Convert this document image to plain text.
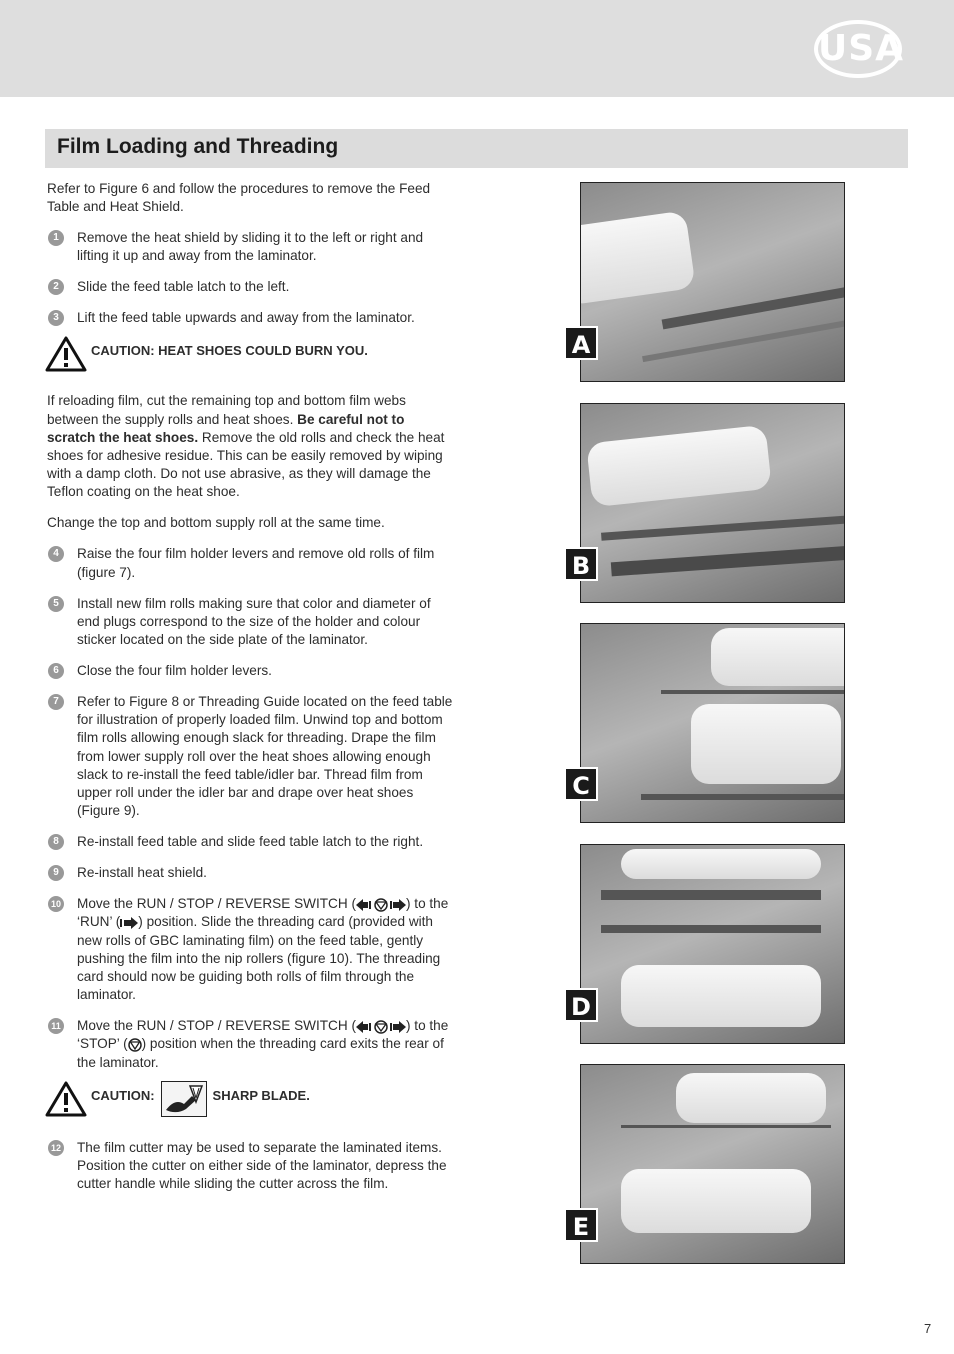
USA
Film Loading and Threading

Refer to Figure 6 and follow the procedures to remove the Feed Table and Heat Shield.

1	Remove the heat shield by sliding it to the left or right and lifting it up and away from the laminator.
2	Slide the feed table latch to the left.
3	Lift the feed table upwards and away from the laminator.
CAUTION: HEAT SHOES COULD BURN YOU.

If reloading film, cut the remaining top and bottom film webs between the supply rolls and heat shoes. Be careful not to scratch the heat shoes. Remove the old rolls and check the heat shoes for adhesive residue. This can be easily removed by wiping with a damp cloth. Do not use abrasive, as they will damage the Teflon coating on the heat shoe.

Change the top and bottom supply roll at the same time.

4	Raise the four film holder levers and remove old rolls of film (figure 7).
5	Install new film rolls making sure that color and diameter of end plugs correspond to the size of the holder and colour sticker located on the side plate of the laminator.
6	Close the four film holder levers.
7	Refer to Figure 8 or Threading Guide located on the feed table for illustration of properly loaded film. Unwind top and bottom film rolls allowing enough slack for threading. Drape the film from lower supply roll over the heat shoes allowing enough slack to re-install the feed table/idler bar. Thread film from upper roll under the idler bar and drape over heat shoes (Figure 9).
8	Re-install feed table and slide feed table latch to the right.
9	Re-install heat shield.
10 Move the RUN / STOP / REVERSE SWITCH (	) to the ‘RUN’ ( ) position. Slide the threading card (provided with new rolls of GBC laminating film) on the feed table, gently pushing the film into the nip rollers (figure 10). The threading card should now be guiding both rolls of film through the laminator.
11 Move the RUN / STOP / REVERSE SWITCH (	) to the ‘STOP’ ( ) position when the threading card exits the rear of the laminator.
CAUTION:	SHARP BLADE.
12 The film cutter may be used to separate the laminated items. Position the cutter on either side of the laminator, depress the cutter handle while sliding the cutter across the film.
A
B
C
D
E
7
